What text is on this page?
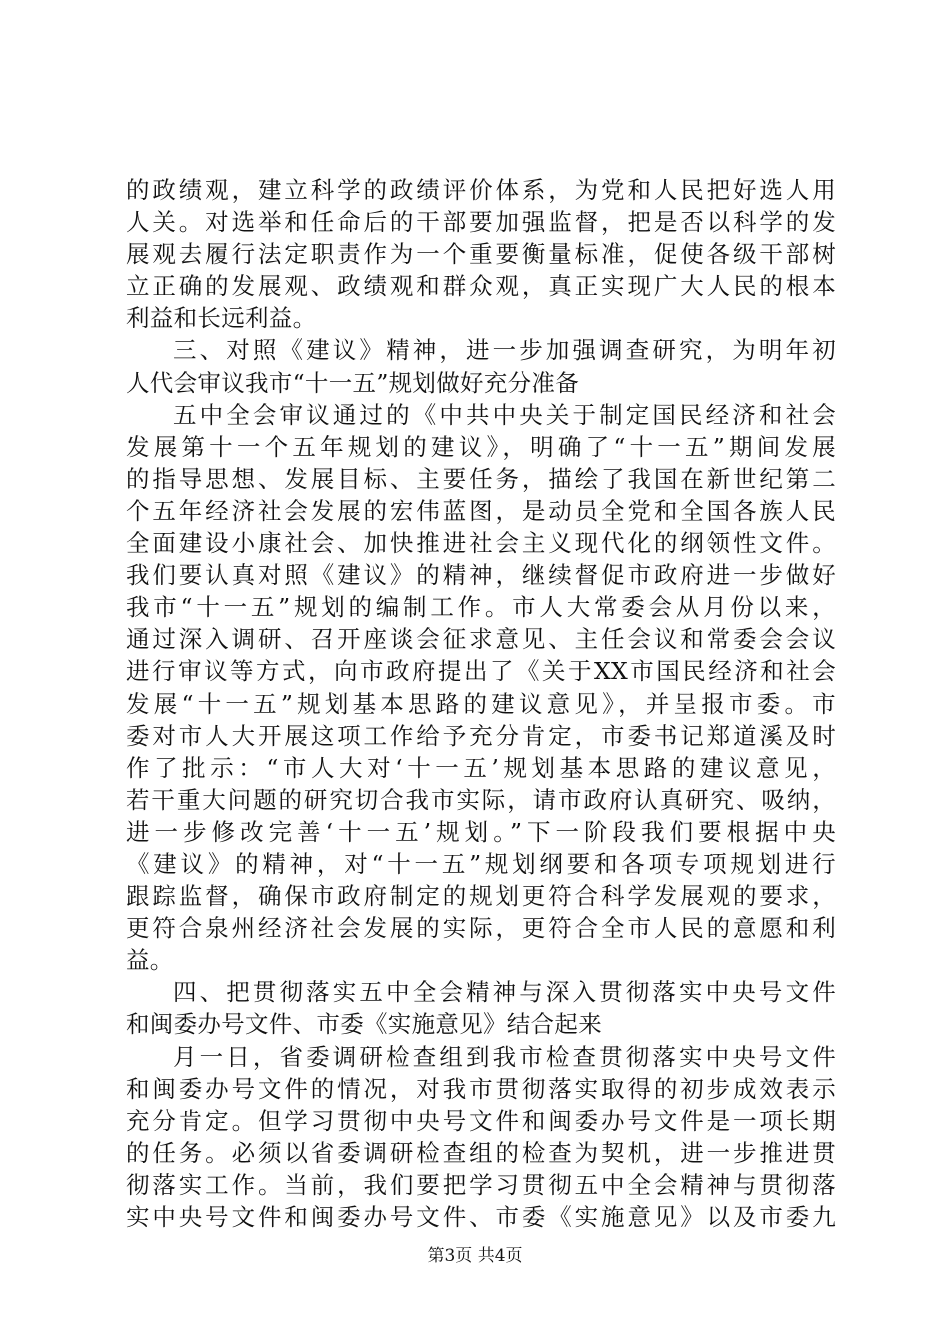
的政绩观，建立科学的政绩评价体系，为党和人民把好选人用
人关。对选举和任命后的干部要加强监督，把是否以科学的发
展观去履行法定职责作为一个重要衡量标准，促使各级干部树
立正确的发展观、政绩观和群众观，真正实现广大人民的根本
利益和长远利益。
三、对照《建议》精神，进一步加强调查研究，为明年初
人代会审议我市“十一五”规划做好充分准备
五中全会审议通过的《中共中央关于制定国民经济和社会
发展第十一个五年规划的建议》，明确了“十一五”期间发展
的指导思想、发展目标、主要任务，描绘了我国在新世纪第二
个五年经济社会发展的宏伟蓝图，是动员全党和全国各族人民
全面建设小康社会、加快推进社会主义现代化的纲领性文件。
我们要认真对照《建议》的精神，继续督促市政府进一步做好
我市“十一五”规划的编制工作。市人大常委会从月份以来，
通过深入调研、召开座谈会征求意见、主任会议和常委会会议
进行审议等方式，向市政府提出了《关于XX市国民经济和社会
发展“十一五”规划基本思路的建议意见》，并呈报市委。市
委对市人大开展这项工作给予充分肯定，市委书记郑道溪及时
作了批示：“市人大对‘十一五’规划基本思路的建议意见，
若干重大问题的研究切合我市实际，请市政府认真研究、吸纳，
进一步修改完善‘十一五’规划。”下一阶段我们要根据中央
《建议》的精神，对“十一五”规划纲要和各项专项规划进行
跟踪监督，确保市政府制定的规划更符合科学发展观的要求，
更符合泉州经济社会发展的实际，更符合全市人民的意愿和利
益。
四、把贯彻落实五中全会精神与深入贯彻落实中央号文件
和闽委办号文件、市委《实施意见》结合起来
月一日，省委调研检查组到我市检查贯彻落实中央号文件
和闽委办号文件的情况，对我市贯彻落实取得的初步成效表示
充分肯定。但学习贯彻中央号文件和闽委办号文件是一项长期
的任务。必须以省委调研检查组的检查为契机，进一步推进贯
彻落实工作。当前，我们要把学习贯彻五中全会精神与贯彻落
实中央号文件和闽委办号文件、市委《实施意见》以及市委九
第3页 共4页
